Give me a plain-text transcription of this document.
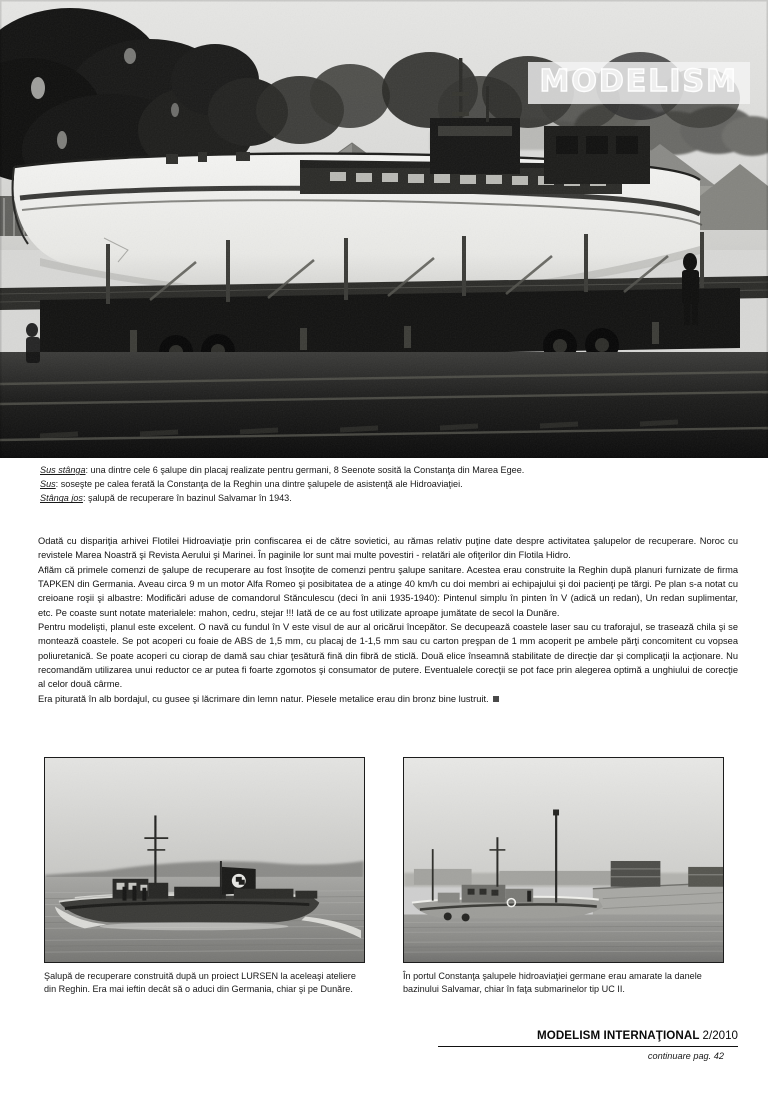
MODELISM

Sus stânga: una dintre cele 6 şalupe din placaj realizate pentru germani, 8 Seenote sosită la Constanţa din Marea Egee.

Sus: soseşte pe calea ferată la Constanţa de la Reghin una dintre şalupele de asistenţă ale Hidroaviaţiei.

Stânga jos: şalupă de recuperare în bazinul Salvamar în 1943.

Odată cu dispariţia arhivei Flotilei Hidroaviaţie prin confiscarea ei de către sovietici, au rămas relativ puţine date despre activitatea şalupelor de recuperare. Noroc cu revistele Marea Noastră şi Revista Aerului şi Marinei. În paginile lor sunt mai multe povestiri - relatări ale ofiţerilor din Flotila Hidro.

Aflăm că primele comenzi de şalupe de recuperare au fost însoţite de comenzi pentru şalupe sanitare. Acestea erau construite la Reghin după planuri furnizate de firma TAPKEN din Germania. Aveau circa 9 m un motor Alfa Romeo şi posibitatea de a atinge 40 km/h cu doi membri ai echipajului şi doi pacienţi pe tărgi. Pe plan s-a notat cu creioane roşii şi albastre: Modificări aduse de comandorul Stănculescu (deci în anii 1935-1940): Pintenul simplu în pinten în V (adică un redan), Un redan suplimentar, etc. Pe coaste sunt notate materialele: mahon, cedru, stejar !!! Iată de ce au fost utilizate aproape jumătate de secol la Dunăre.

Pentru modelişti, planul este excelent. O navă cu fundul în V este visul de aur al oricărui începător. Se decupează coastele laser sau cu traforajul, se trasează chila şi se montează coastele. Se pot acoperi cu foaie de ABS de 1,5 mm, cu placaj de 1-1,5 mm sau cu carton preşpan de 1 mm acoperit pe ambele părţi concomitent cu vopsea poliuretanică. Se poate acoperi cu ciorap de damă sau chiar ţesătură fină din fibră de sticlă. Două elice înseamnă stabilitate de direcţie dar şi complicaţii la acţionare. Nu recomandăm utilizarea unui reductor ce ar putea fi foarte zgomotos şi consumator de putere. Eventualele corecţii se pot face prin alegerea optimă a unghiului de corecţie al celor două cârme.

Era piturată în alb bordajul, cu gusee şi lăcrimare din lemn natur. Piesele metalice erau din bronz bine lustruit.

Şalupă de recuperare construită după un proiect LURSEN la aceleaşi ateliere din Reghin. Era mai ieftin decât să o aduci din Germania, chiar şi pe Dunăre.
În portul Constanţa şalupele hidroaviaţiei germane erau amarate la danele bazinului Salvamar, chiar în faţa submarinelor tip UC II.
MODELISM INTERNAŢIONAL 2/2010
continuare pag. 42
